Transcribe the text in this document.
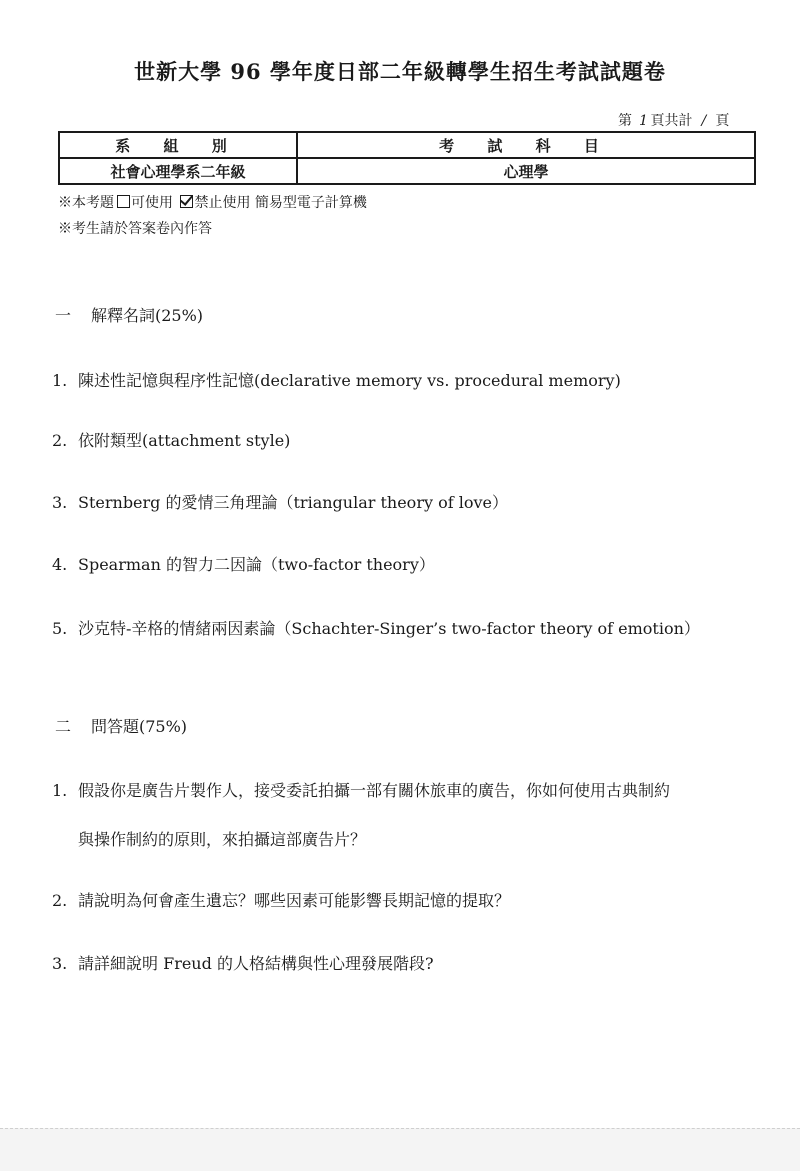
世新大學 96 學年度日部二年級轉學生招生考試試題卷
第 1 頁共計 / 頁
系 組 別	考 試 科 目
社會心理學系二年級	心理學
※本考題 可使用 禁止使用 簡易型電子計算機
※考生請於答案卷內作答
一 解釋名詞(25%)
1. 陳述性記憶與程序性記憶(declarative memory vs. procedural memory)
2. 依附類型(attachment style)
3. Sternberg 的愛情三角理論（triangular theory of love）
4. Spearman 的智力二因論（two-factor theory）
5. 沙克特-辛格的情緒兩因素論（Schachter-Singer’s two-factor theory of emotion）
二 問答題(75%)
1. 假設你是廣告片製作人，接受委託拍攝一部有關休旅車的廣告，你如何使用古典制約
與操作制約的原則，來拍攝這部廣告片？
2. 請說明為何會產生遺忘？哪些因素可能影響長期記憶的提取？
3. 請詳細說明 Freud 的人格結構與性心理發展階段?
